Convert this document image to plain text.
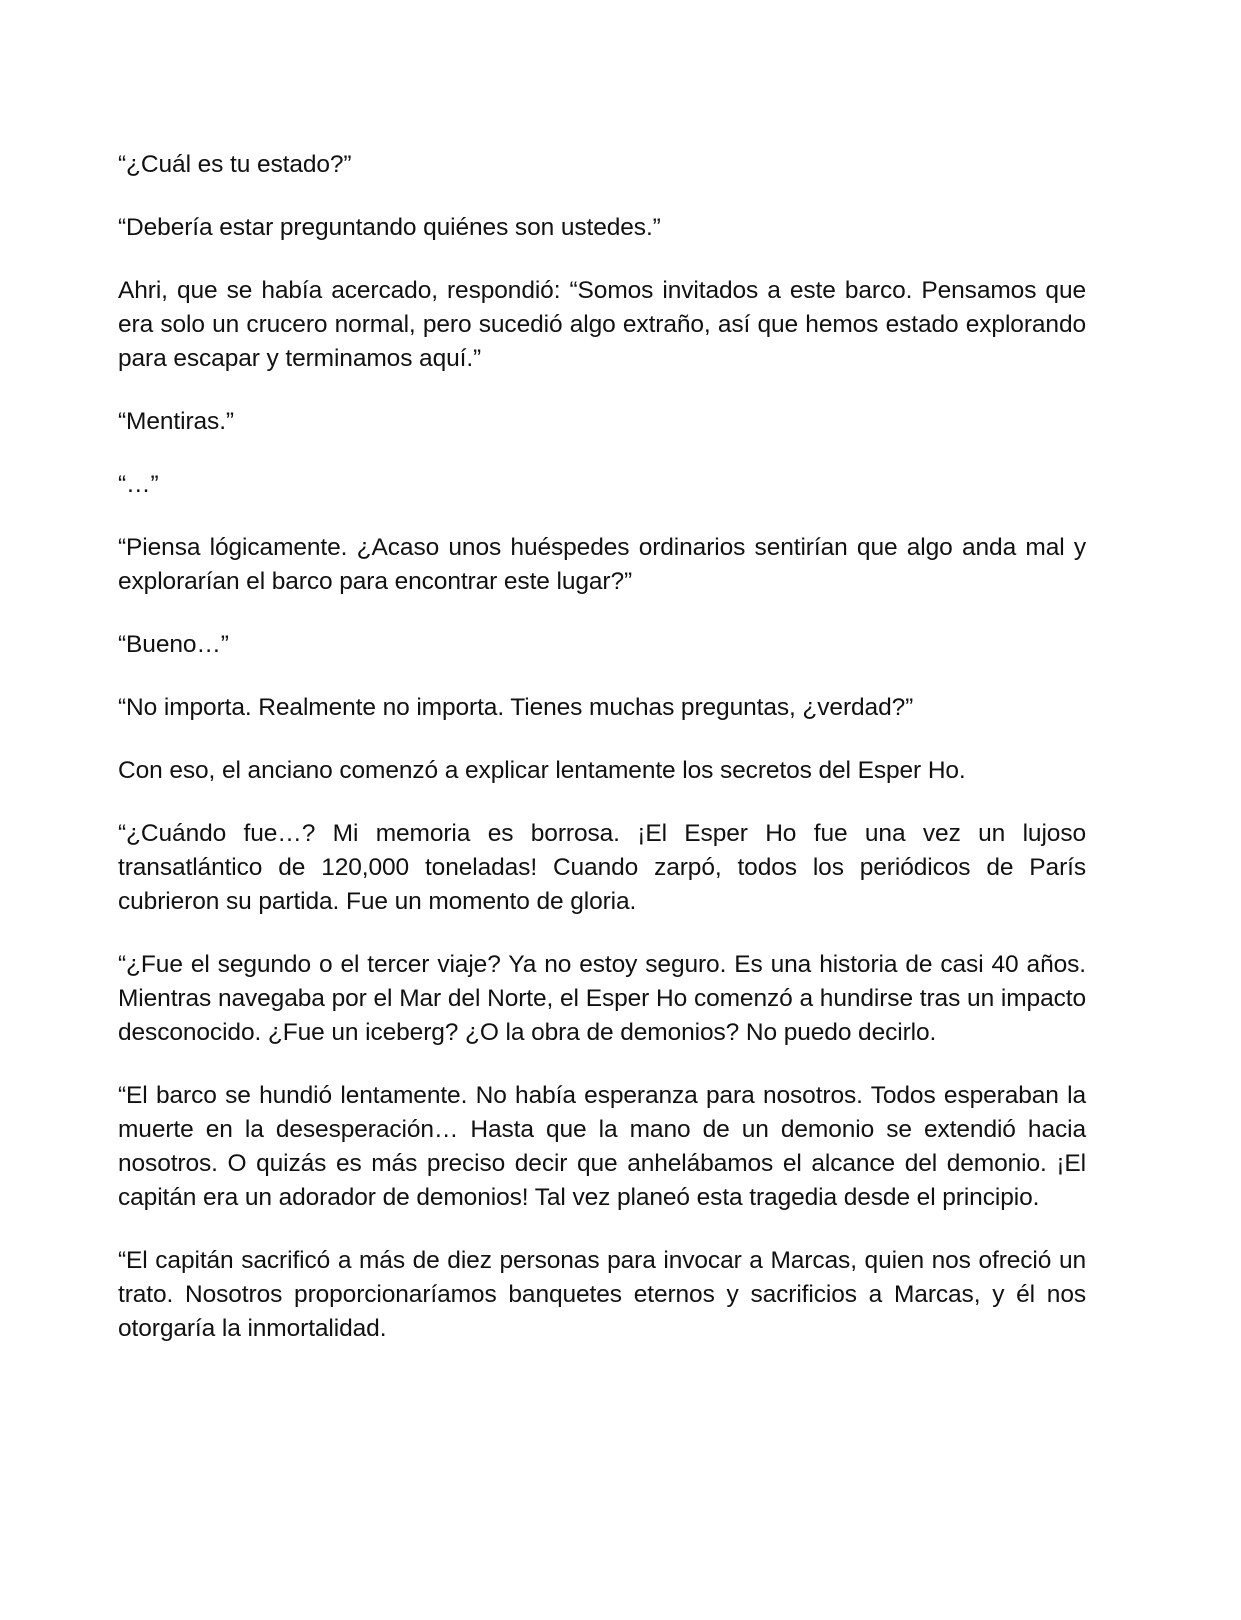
“¿Cuál es tu estado?”

“Debería estar preguntando quiénes son ustedes.”

Ahri, que se había acercado, respondió: “Somos invitados a este barco. Pensamos que era solo un crucero normal, pero sucedió algo extraño, así que hemos estado explorando para escapar y terminamos aquí.”

“Mentiras.”

“…”

“Piensa lógicamente. ¿Acaso unos huéspedes ordinarios sentirían que algo anda mal y explorarían el barco para encontrar este lugar?”

“Bueno…”

“No importa. Realmente no importa. Tienes muchas preguntas, ¿verdad?”

Con eso, el anciano comenzó a explicar lentamente los secretos del Esper Ho.

“¿Cuándo fue…? Mi memoria es borrosa. ¡El Esper Ho fue una vez un lujoso transatlántico de 120,000 toneladas! Cuando zarpó, todos los periódicos de París cubrieron su partida. Fue un momento de gloria.

“¿Fue el segundo o el tercer viaje? Ya no estoy seguro. Es una historia de casi 40 años. Mientras navegaba por el Mar del Norte, el Esper Ho comenzó a hundirse tras un impacto desconocido. ¿Fue un iceberg? ¿O la obra de demonios? No puedo decirlo.

“El barco se hundió lentamente. No había esperanza para nosotros. Todos esperaban la muerte en la desesperación… Hasta que la mano de un demonio se extendió hacia nosotros. O quizás es más preciso decir que anhelábamos el alcance del demonio. ¡El capitán era un adorador de demonios! Tal vez planeó esta tragedia desde el principio.

“El capitán sacrificó a más de diez personas para invocar a Marcas, quien nos ofreció un trato. Nosotros proporcionaríamos banquetes eternos y sacrificios a Marcas, y él nos otorgaría la inmortalidad.
